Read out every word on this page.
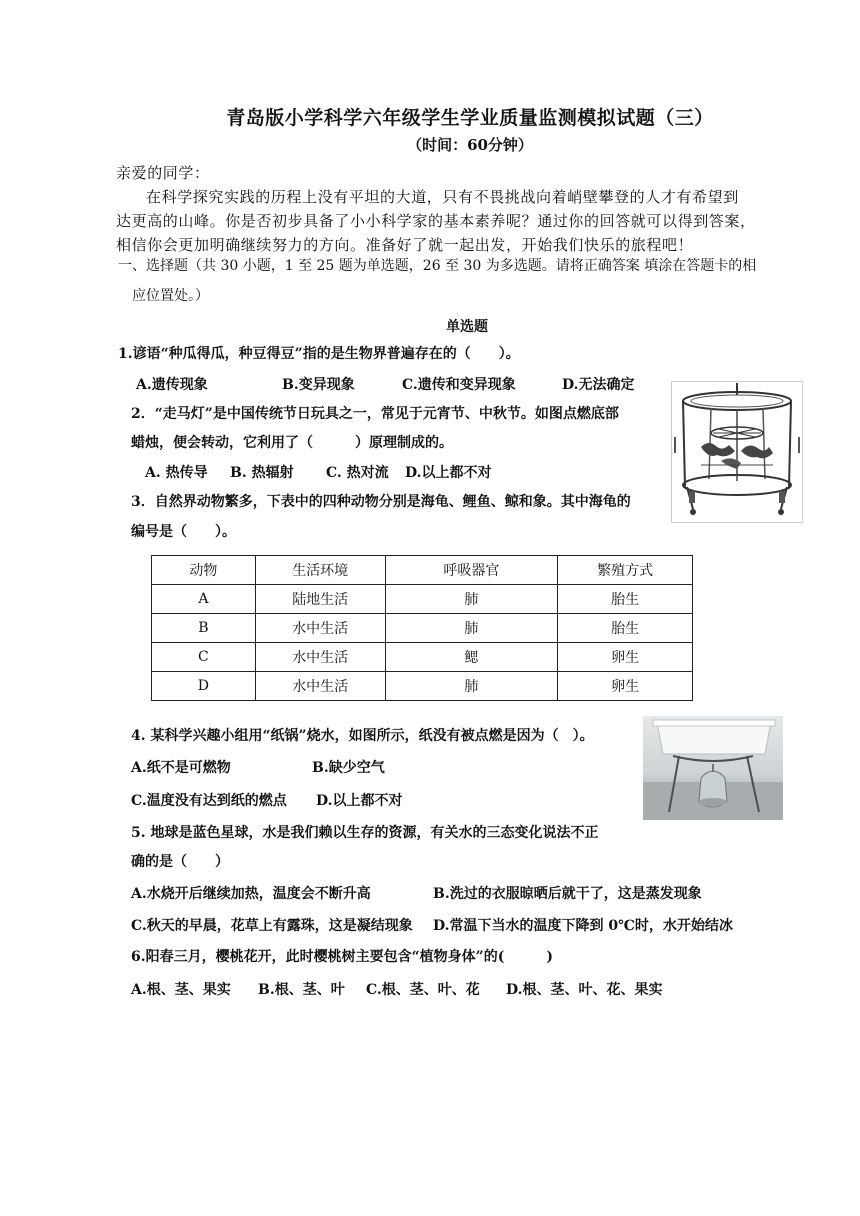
青岛版小学科学六年级学生学业质量监测模拟试题（三）
（时间：60分钟）
亲爱的同学：
在科学探究实践的历程上没有平坦的大道，只有不畏挑战向着峭壁攀登的人才有希望到
达更高的山峰。你是否初步具备了小小科学家的基本素养呢？通过你的回答就可以得到答案，
相信你会更加明确继续努力的方向。准备好了就一起出发，开始我们快乐的旅程吧！
一、选择题（共 30 小题，1 至 25 题为单选题，26 至 30 为多选题。请将正确答案 填涂在答题卡的相
应位置处。）
单选题
1.谚语“种瓜得瓜，种豆得豆”指的是生物界普遍存在的（　　）。
A.遗传现象	B.变异现象	C.遗传和变异现象	D.无法确定
2．“走马灯”是中国传统节日玩具之一，常见于元宵节、中秋节。如图点燃底部
蜡烛，便会转动，它利用了（　　　）原理制成的。
A. 热传导 B. 热辐射 C. 热对流 D.以上都不对
3．自然界动物繁多，下表中的四种动物分别是海龟、鲤鱼、鲸和象。其中海龟的
编号是（　　）。
动物	生活环境	呼吸器官	繁殖方式
A	陆地生活	肺	胎生
B	水中生活	肺	胎生
C	水中生活	鳃	卵生
D	水中生活	肺	卵生
4. 某科学兴趣小组用“纸锅”烧水，如图所示，纸没有被点燃是因为（　）。
A.纸不是可燃物	B.缺少空气
C.温度没有达到纸的燃点 D.以上都不对
5. 地球是蓝色星球，水是我们赖以生存的资源，有关水的三态变化说法不正
确的是（　　）
A.水烧开后继续加热，温度会不断升高	B.洗过的衣服晾晒后就干了，这是蒸发现象
C.秋天的早晨，花草上有露珠，这是凝结现象 D.常温下当水的温度下降到 0℃时，水开始结冰
6.阳春三月，樱桃花开，此时樱桃树主要包含“植物身体”的(　　　)
A.根、茎、果实 B.根、茎、叶 C.根、茎、叶、花 D.根、茎、叶、花、果实
